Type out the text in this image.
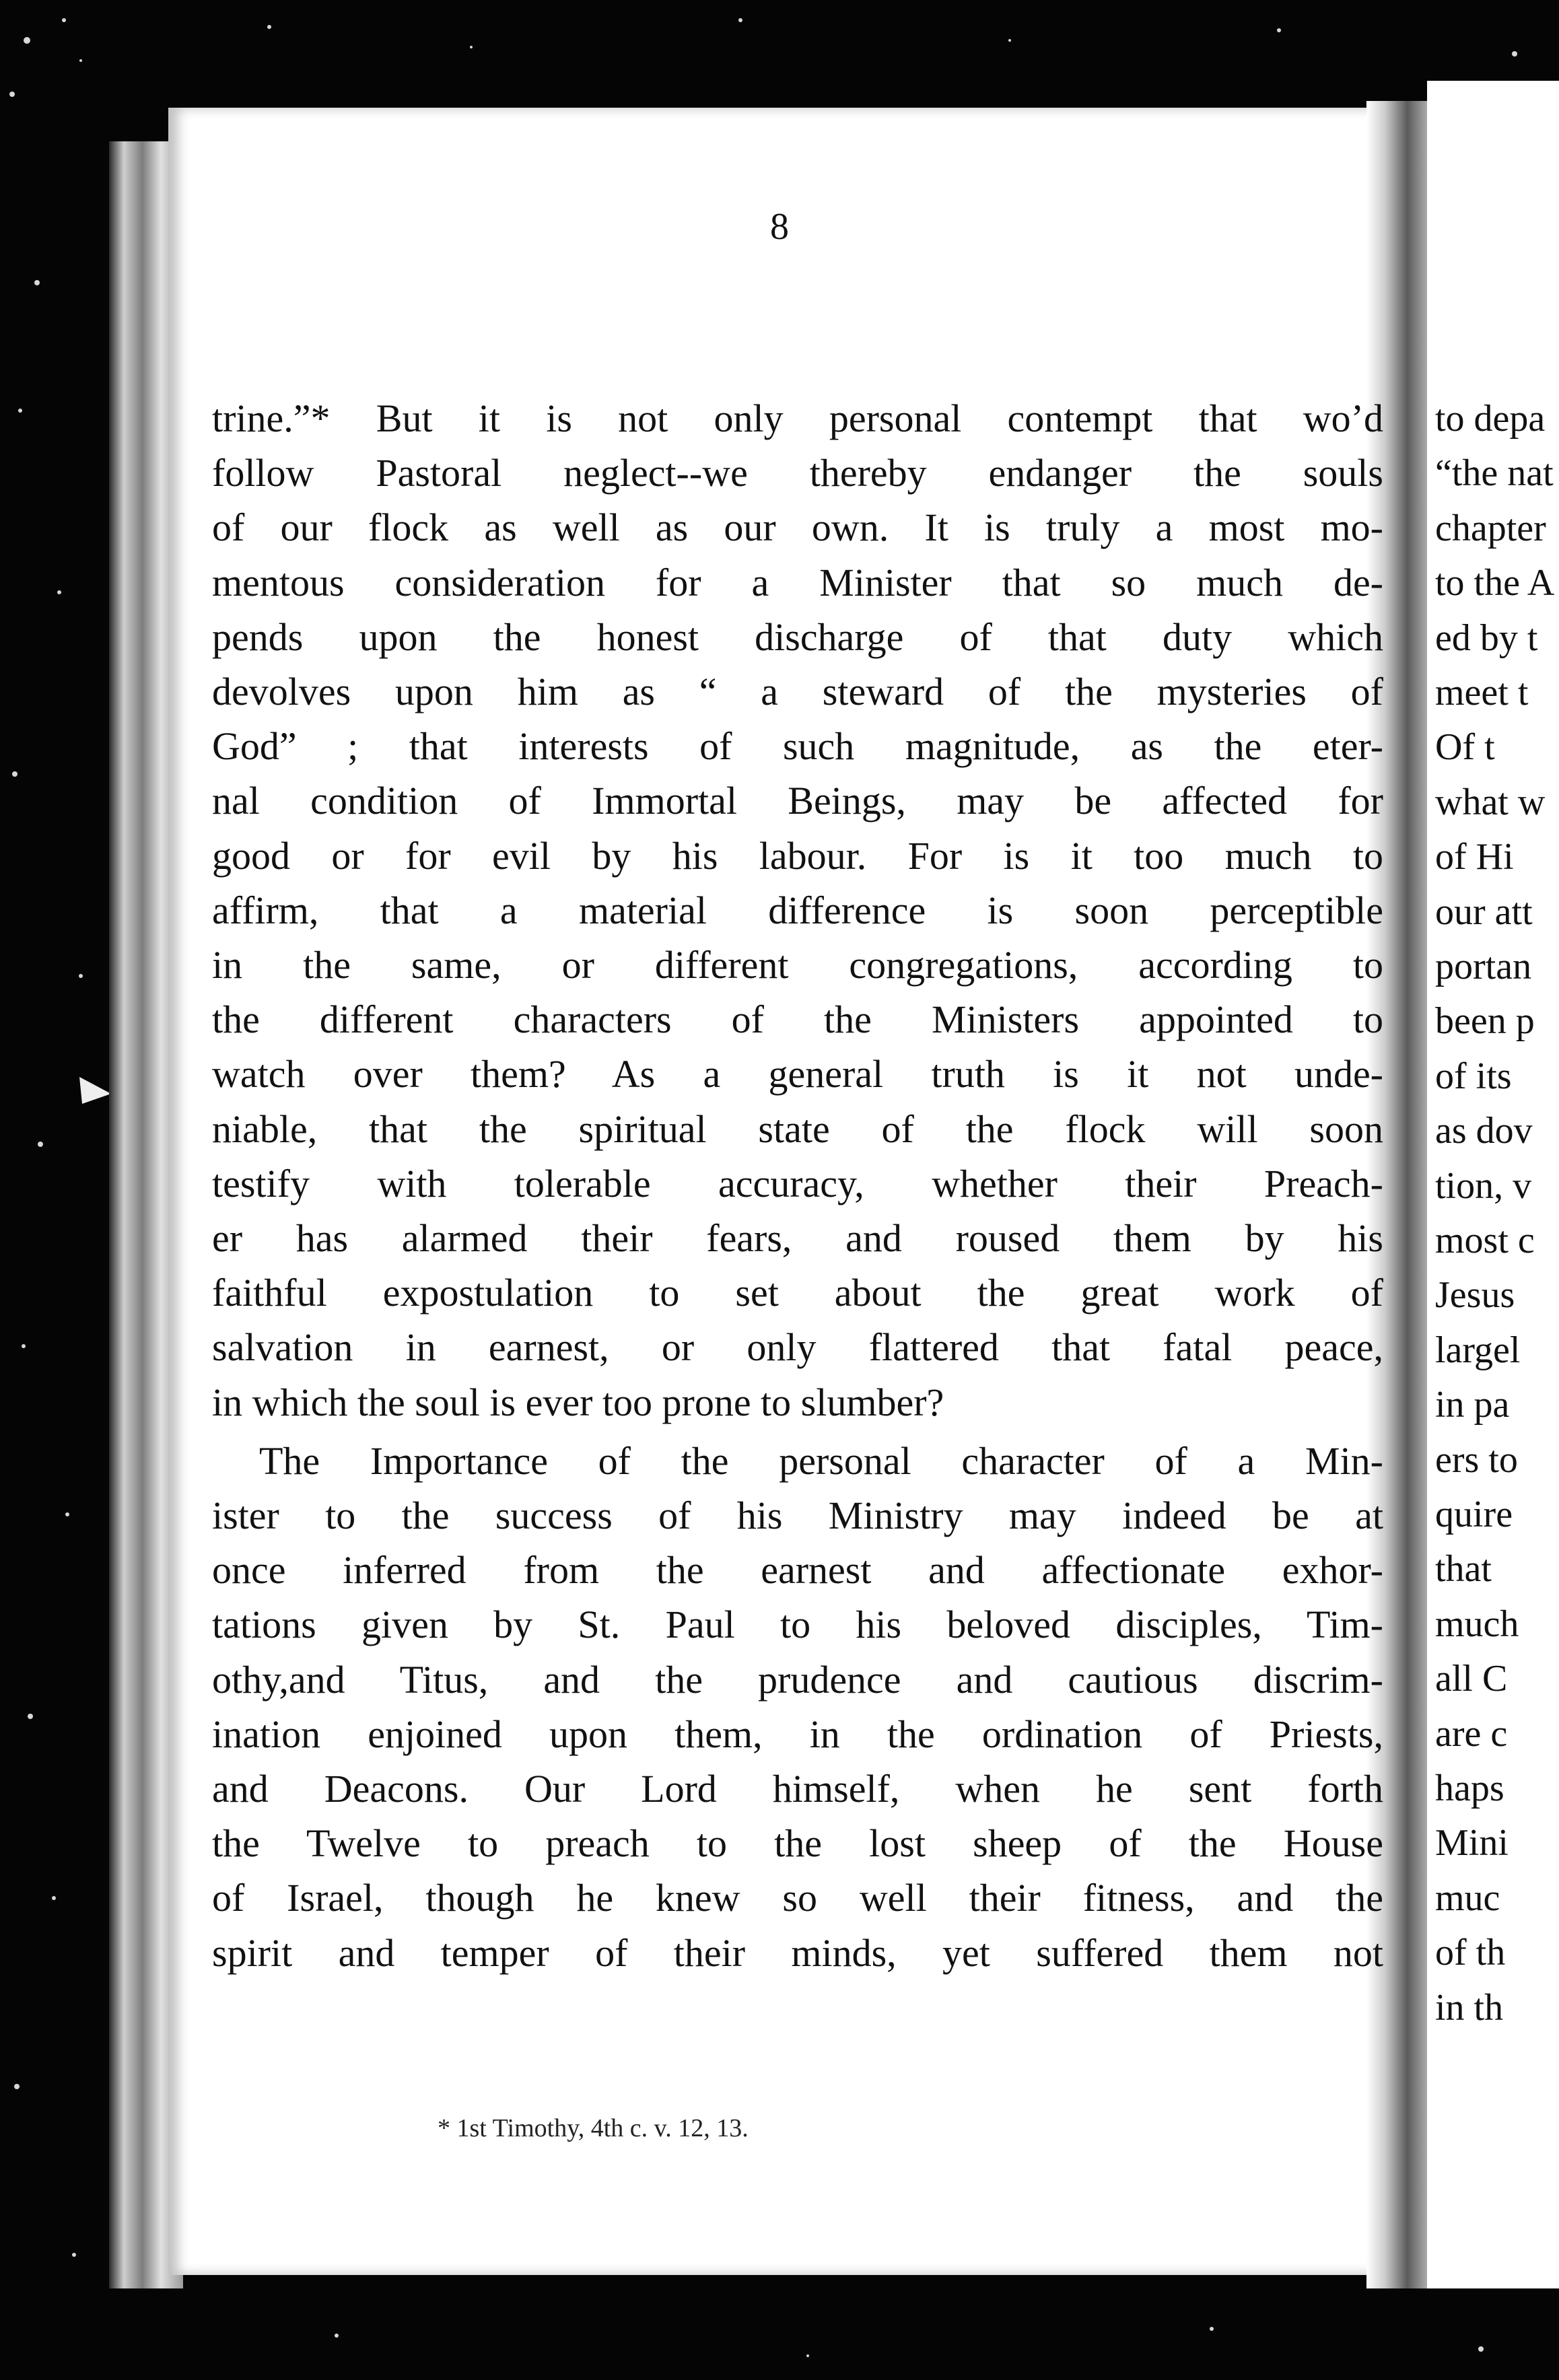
to depa
“the nat
chapter
to the A
ed by t
meet t
Of t
what w
of Hi
our att
portan
been p
of its
as dov
tion, v
most c
Jesus
largel
in pa
ers to
quire
that
much
all C
are c
haps
Mini
muc
of th
in th
8
trine.”* But it is not only personal contempt that wo’d
follow Pastoral neglect--we thereby endanger the souls
of our flock as well as our own. It is truly a most mo-
mentous consideration for a Minister that so much de-
pends upon the honest discharge of that duty which
devolves upon him as “ a steward of the mysteries of
God” ; that interests of such magnitude, as the eter-
nal condition of Immortal Beings, may be affected for
good or for evil by his labour. For is it too much to
affirm, that a material difference is soon perceptible
in the same, or different congregations, according to
the different characters of the Ministers appointed to
watch over them? As a general truth is it not unde-
niable, that the spiritual state of the flock will soon
testify with tolerable accuracy, whether their Preach-
er has alarmed their fears, and roused them by his
faithful expostulation to set about the great work of
salvation in earnest, or only flattered that fatal peace,
in which the soul is ever too prone to slumber?
The Importance of the personal character of a Min-
ister to the success of his Ministry may indeed be at
once inferred from the earnest and affectionate exhor-
tations given by St. Paul to his beloved disciples, Tim-
othy,and Titus, and the prudence and cautious discrim-
ination enjoined upon them, in the ordination of Priests,
and Deacons. Our Lord himself, when he sent forth
the Twelve to preach to the lost sheep of the House
of Israel, though he knew so well their fitness, and the
spirit and temper of their minds, yet suffered them not
* 1st Timothy, 4th c. v. 12, 13.
